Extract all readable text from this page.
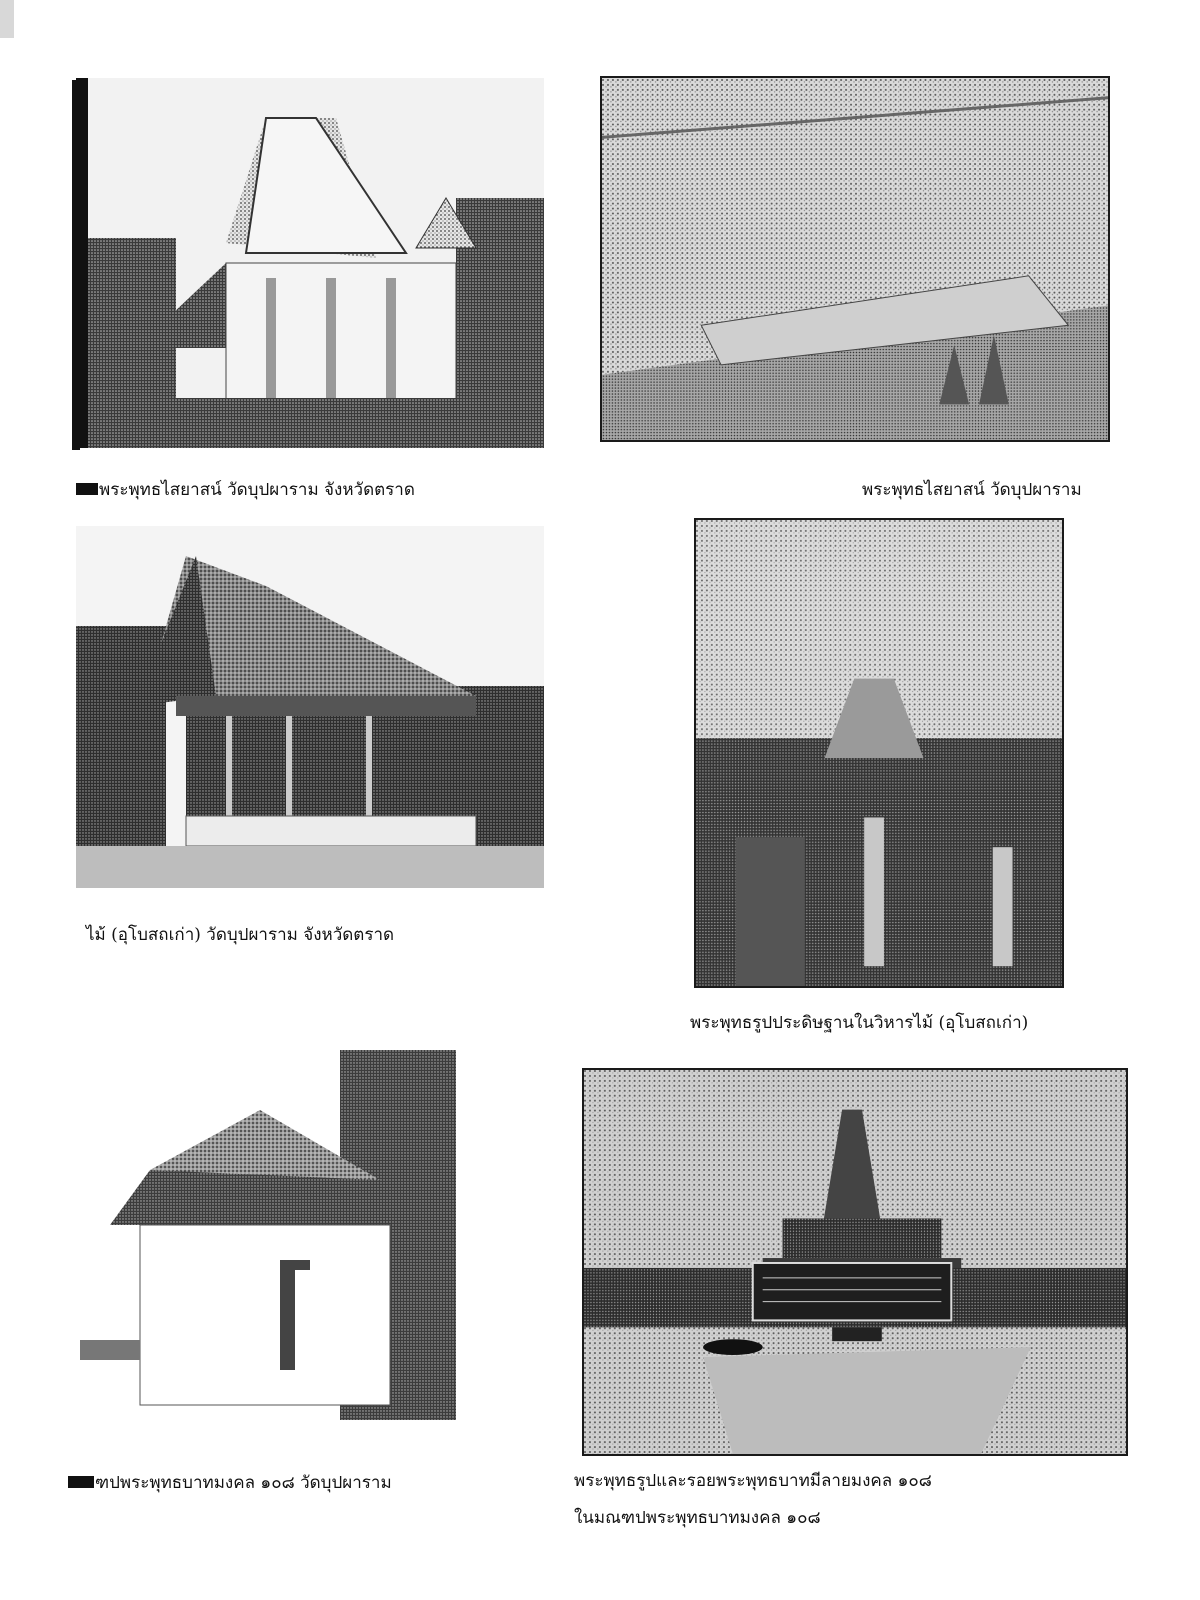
พระพุทธไสยาสน์ วัดบุปผาราม จังหวัดตราด	พระพุทธไสยาสน์ วัดบุปผาราม
ไม้ (อุโบสถเก่า) วัดบุปผาราม จังหวัดตราด
พระพุทธรูปประดิษฐานในวิหารไม้ (อุโบสถเก่า)
ฑปพระพุทธบาทมงคล ๑๐๘ วัดบุปผาราม	พระพุทธรูปและรอยพระพุทธบาทมีลายมงคล ๑๐๘
ในมณฑปพระพุทธบาทมงคล ๑๐๘
